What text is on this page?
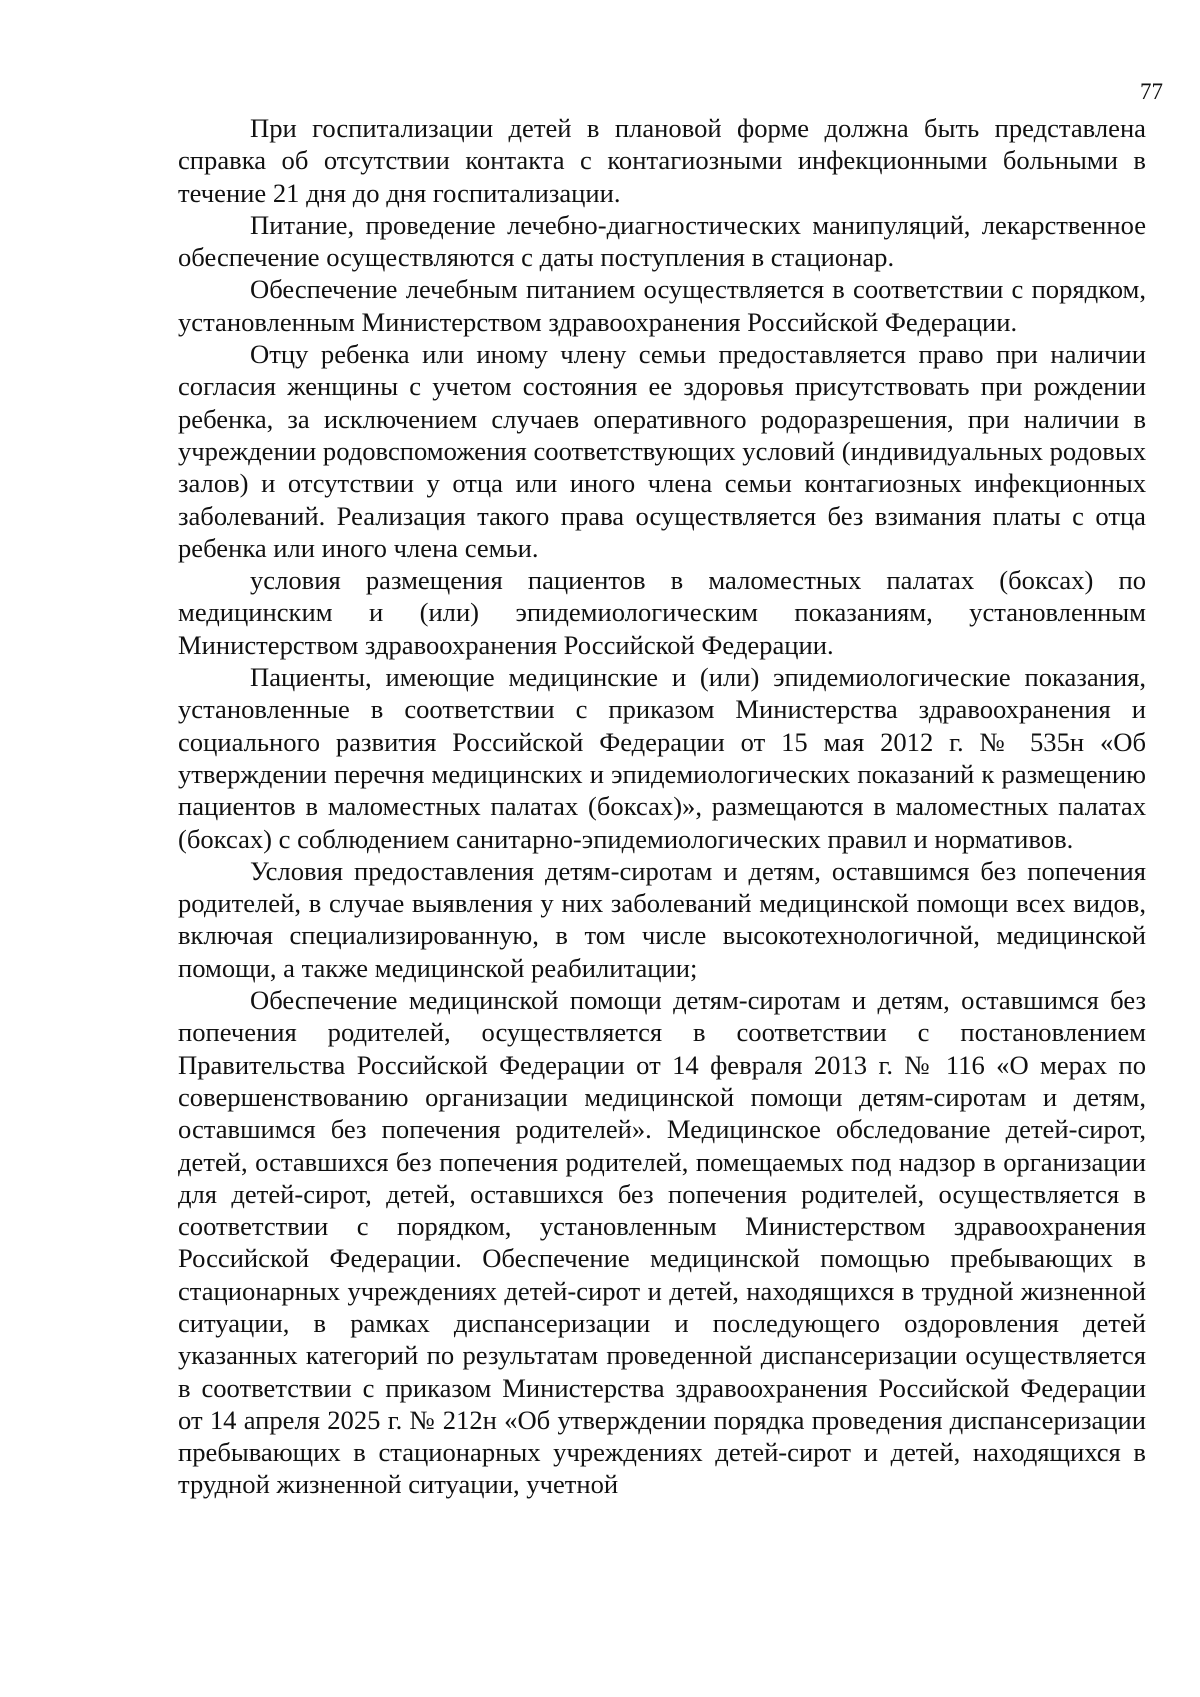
77

При госпитализации детей в плановой форме должна быть представлена справка об отсутствии контакта с контагиозными инфекционными больными в течение 21 дня до дня госпитализации.

Питание, проведение лечебно-диагностических манипуляций, лекарственное обеспечение осуществляются с даты поступления в стационар.

Обеспечение лечебным питанием осуществляется в соответствии с порядком, установленным Министерством здравоохранения Российской Федерации.

Отцу ребенка или иному члену семьи предоставляется право при наличии согласия женщины с учетом состояния ее здоровья присутствовать при рождении ребенка, за исключением случаев оперативного родоразрешения, при наличии в учреждении родовспоможения соответствующих условий (индивидуальных родовых залов) и отсутствии у отца или иного члена семьи контагиозных инфекционных заболеваний. Реализация такого права осуществляется без взимания платы с отца ребенка или иного члена семьи.

условия размещения пациентов в маломестных палатах (боксах) по медицинским и (или) эпидемиологическим показаниям, установленным Министерством здравоохранения Российской Федерации.

Пациенты, имеющие медицинские и (или) эпидемиологические показания, установленные в соответствии с приказом Министерства здравоохранения и социального развития Российской Федерации от 15 мая 2012 г. № 535н «Об утверждении перечня медицинских и эпидемиологических показаний к размещению пациентов в маломестных палатах (боксах)», размещаются в маломестных палатах (боксах) с соблюдением санитарно-эпидемиологических правил и нормативов.

Условия предоставления детям-сиротам и детям, оставшимся без попечения родителей, в случае выявления у них заболеваний медицинской помощи всех видов, включая специализированную, в том числе высокотехнологичной, медицинской помощи, а также медицинской реабилитации;

Обеспечение медицинской помощи детям-сиротам и детям, оставшимся без попечения родителей, осуществляется в соответствии с постановлением Правительства Российской Федерации от 14 февраля 2013 г. № 116 «О мерах по совершенствованию организации медицинской помощи детям-сиротам и детям, оставшимся без попечения родителей». Медицинское обследование детей-сирот, детей, оставшихся без попечения родителей, помещаемых под надзор в организации для детей-сирот, детей, оставшихся без попечения родителей, осуществляется в соответствии с порядком, установленным Министерством здравоохранения Российской Федерации. Обеспечение медицинской помощью пребывающих в стационарных учреждениях детей-сирот и детей, находящихся в трудной жизненной ситуации, в рамках диспансеризации и последующего оздоровления детей указанных категорий по результатам проведенной диспансеризации осуществляется в соответствии с приказом Министерства здравоохранения Российской Федерации от 14 апреля 2025 г. № 212н «Об утверждении порядка проведения диспансеризации пребывающих в стационарных учреждениях детей-сирот и детей, находящихся в трудной жизненной ситуации, учетной
